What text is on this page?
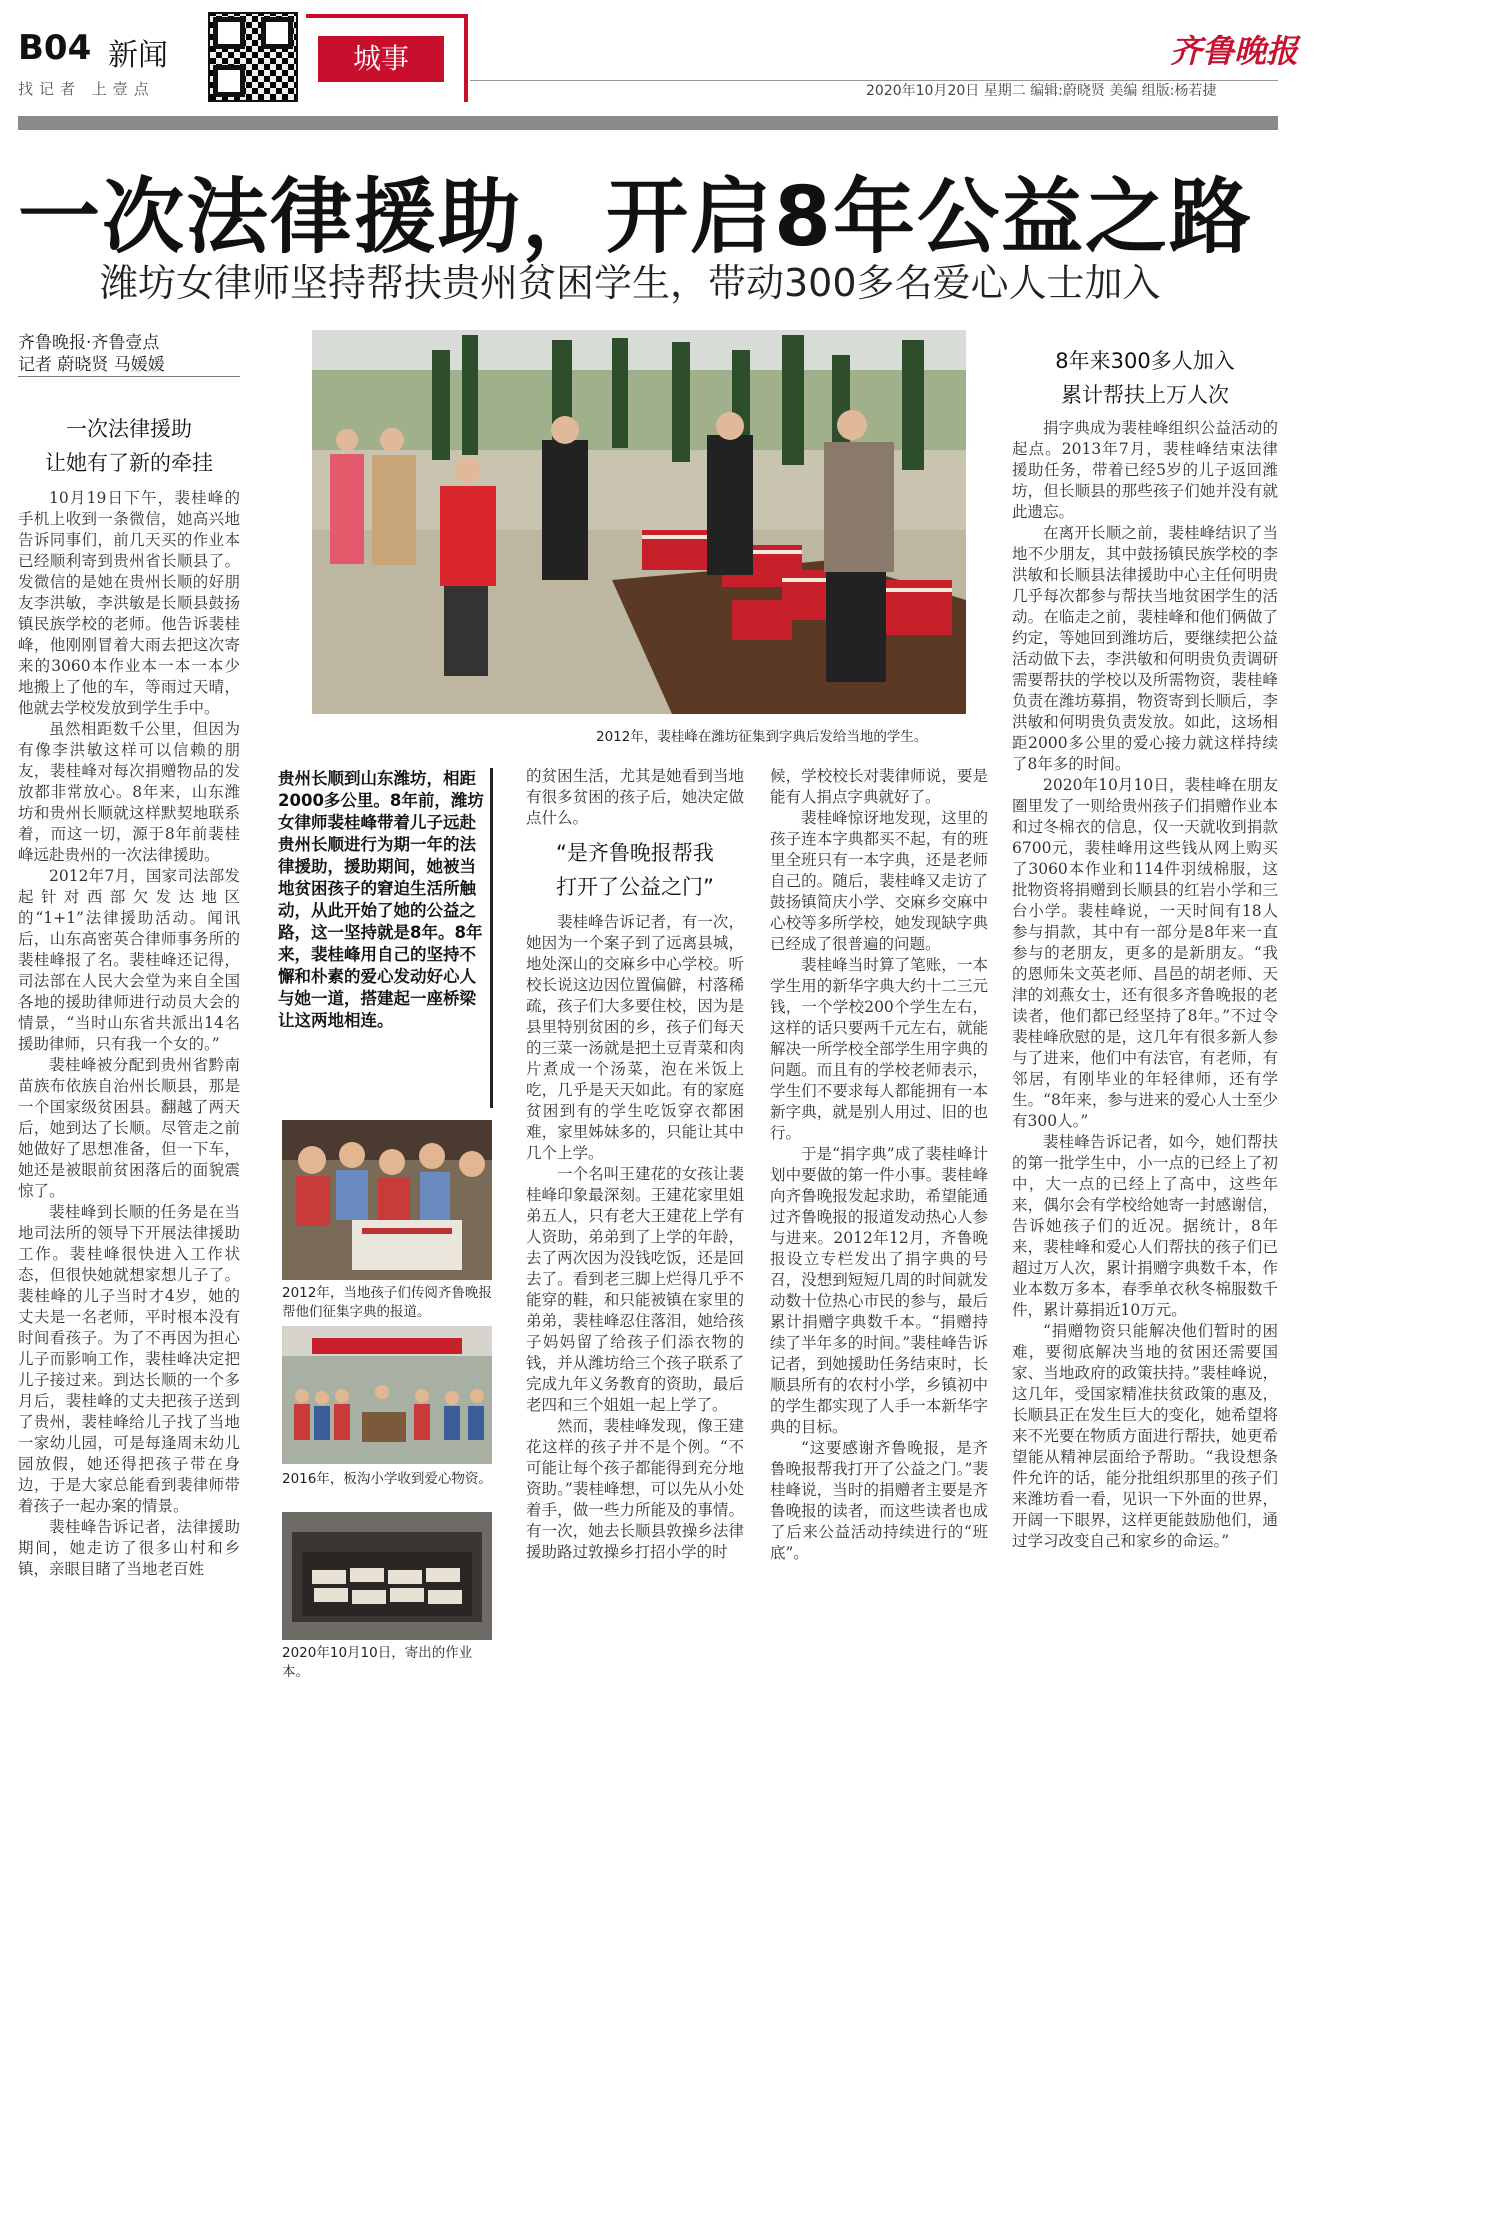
B04 新闻
找记者 上壹点
城事	齐鲁晚报
2020年10月20日 星期二 编辑:蔚晓贤 美编 组版:杨若捷
一次法律援助，开启8年公益之路
潍坊女律师坚持帮扶贵州贫困学生，带动300多名爱心人士加入
齐鲁晚报·齐鲁壹点
记者 蔚晓贤 马媛媛
一次法律援助
让她有了新的牵挂

10月19日下午，裴桂峰的手机上收到一条微信，她高兴地告诉同事们，前几天买的作业本已经顺利寄到贵州省长顺县了。发微信的是她在贵州长顺的好朋友李洪敏，李洪敏是长顺县鼓扬镇民族学校的老师。他告诉裴桂峰，他刚刚冒着大雨去把这次寄来的3060本作业本一本一本少地搬上了他的车，等雨过天晴，他就去学校发放到学生手中。

虽然相距数千公里，但因为有像李洪敏这样可以信赖的朋友，裴桂峰对每次捐赠物品的发放都非常放心。8年来，山东潍坊和贵州长顺就这样默契地联系着，而这一切，源于8年前裴桂峰远赴贵州的一次法律援助。

2012年7月，国家司法部发起针对西部欠发达地区的“1+1”法律援助活动。闻讯后，山东高密英合律师事务所的裴桂峰报了名。裴桂峰还记得，司法部在人民大会堂为来自全国各地的援助律师进行动员大会的情景，“当时山东省共派出14名援助律师，只有我一个女的。”

裴桂峰被分配到贵州省黔南苗族布依族自治州长顺县，那是一个国家级贫困县。翻越了两天后，她到达了长顺。尽管走之前她做好了思想准备，但一下车，她还是被眼前贫困落后的面貌震惊了。

裴桂峰到长顺的任务是在当地司法所的领导下开展法律援助工作。裴桂峰很快进入工作状态，但很快她就想家想儿子了。裴桂峰的儿子当时才4岁，她的丈夫是一名老师，平时根本没有时间看孩子。为了不再因为担心儿子而影响工作，裴桂峰决定把儿子接过来。到达长顺的一个多月后，裴桂峰的丈夫把孩子送到了贵州，裴桂峰给儿子找了当地一家幼儿园，可是每逢周末幼儿园放假，她还得把孩子带在身边，于是大家总能看到裴律师带着孩子一起办案的情景。

裴桂峰告诉记者，法律援助期间，她走访了很多山村和乡镇，亲眼目睹了当地老百姓

2012年，裴桂峰在潍坊征集到字典后发给当地的学生。
贵州长顺到山东潍坊，相距2000多公里。8年前，潍坊女律师裴桂峰带着儿子远赴贵州长顺进行为期一年的法律援助，援助期间，她被当地贫困孩子的窘迫生活所触动，从此开始了她的公益之路，这一坚持就是8年。8年来，裴桂峰用自己的坚持不懈和朴素的爱心发动好心人与她一道，搭建起一座桥梁让这两地相连。
2012年，当地孩子们传阅齐鲁晚报帮他们征集字典的报道。
2016年，板沟小学收到爱心物资。
2020年10月10日，寄出的作业本。

的贫困生活，尤其是她看到当地有很多贫困的孩子后，她决定做点什么。

“是齐鲁晚报帮我
打开了公益之门”

裴桂峰告诉记者，有一次，她因为一个案子到了远离县城，地处深山的交麻乡中心学校。听校长说这边因位置偏僻，村落稀疏，孩子们大多要住校，因为是县里特别贫困的乡，孩子们每天的三菜一汤就是把土豆青菜和肉片煮成一个汤菜，泡在米饭上吃，几乎是天天如此。有的家庭贫困到有的学生吃饭穿衣都困难，家里姊妹多的，只能让其中几个上学。

一个名叫王建花的女孩让裴桂峰印象最深刻。王建花家里姐弟五人，只有老大王建花上学有人资助，弟弟到了上学的年龄，去了两次因为没钱吃饭，还是回去了。看到老三脚上烂得几乎不能穿的鞋，和只能被镇在家里的弟弟，裴桂峰忍住落泪，她给孩子妈妈留了给孩子们添衣物的钱，并从潍坊给三个孩子联系了完成九年义务教育的资助，最后老四和三个姐姐一起上学了。

然而，裴桂峰发现，像王建花这样的孩子并不是个例。“不可能让每个孩子都能得到充分地资助。”裴桂峰想，可以先从小处着手，做一些力所能及的事情。有一次，她去长顺县敦操乡法律援助路过敦操乡打招小学的时

候，学校校长对裴律师说，要是能有人捐点字典就好了。

裴桂峰惊讶地发现，这里的孩子连本字典都买不起，有的班里全班只有一本字典，还是老师自己的。随后，裴桂峰又走访了鼓扬镇简庆小学、交麻乡交麻中心校等多所学校，她发现缺字典已经成了很普遍的问题。

裴桂峰当时算了笔账，一本学生用的新华字典大约十二三元钱，一个学校200个学生左右，这样的话只要两千元左右，就能解决一所学校全部学生用字典的问题。而且有的学校老师表示，学生们不要求每人都能拥有一本新字典，就是别人用过、旧的也行。

于是“捐字典”成了裴桂峰计划中要做的第一件小事。裴桂峰向齐鲁晚报发起求助，希望能通过齐鲁晚报的报道发动热心人参与进来。2012年12月，齐鲁晚报设立专栏发出了捐字典的号召，没想到短短几周的时间就发动数十位热心市民的参与，最后累计捐赠字典数千本。“捐赠持续了半年多的时间。”裴桂峰告诉记者，到她援助任务结束时，长顺县所有的农村小学，乡镇初中的学生都实现了人手一本新华字典的目标。

“这要感谢齐鲁晚报，是齐鲁晚报帮我打开了公益之门。”裴桂峰说，当时的捐赠者主要是齐鲁晚报的读者，而这些读者也成了后来公益活动持续进行的“班底”。

8年来300多人加入
累计帮扶上万人次

捐字典成为裴桂峰组织公益活动的起点。2013年7月，裴桂峰结束法律援助任务，带着已经5岁的儿子返回潍坊，但长顺县的那些孩子们她并没有就此遗忘。

在离开长顺之前，裴桂峰结识了当地不少朋友，其中鼓扬镇民族学校的李洪敏和长顺县法律援助中心主任何明贵几乎每次都参与帮扶当地贫困学生的活动。在临走之前，裴桂峰和他们俩做了约定，等她回到潍坊后，要继续把公益活动做下去，李洪敏和何明贵负责调研需要帮扶的学校以及所需物资，裴桂峰负责在潍坊募捐，物资寄到长顺后，李洪敏和何明贵负责发放。如此，这场相距2000多公里的爱心接力就这样持续了8年多的时间。

2020年10月10日，裴桂峰在朋友圈里发了一则给贵州孩子们捐赠作业本和过冬棉衣的信息，仅一天就收到捐款6700元，裴桂峰用这些钱从网上购买了3060本作业和114件羽绒棉服，这批物资将捐赠到长顺县的红岩小学和三台小学。裴桂峰说，一天时间有18人参与捐款，其中有一部分是8年来一直参与的老朋友，更多的是新朋友。“我的恩师朱文英老师、昌邑的胡老师、天津的刘燕女士，还有很多齐鲁晚报的老读者，他们都已经坚持了8年。”不过令裴桂峰欣慰的是，这几年有很多新人参与了进来，他们中有法官，有老师，有邻居，有刚毕业的年轻律师，还有学生。“8年来，参与进来的爱心人士至少有300人。”

裴桂峰告诉记者，如今，她们帮扶的第一批学生中，小一点的已经上了初中，大一点的已经上了高中，这些年来，偶尔会有学校给她寄一封感谢信，告诉她孩子们的近况。据统计，8年来，裴桂峰和爱心人们帮扶的孩子们已超过万人次，累计捐赠字典数千本，作业本数万多本，春季单衣秋冬棉服数千件，累计募捐近10万元。

“捐赠物资只能解决他们暂时的困难，要彻底解决当地的贫困还需要国家、当地政府的政策扶持。”裴桂峰说，这几年，受国家精准扶贫政策的惠及，长顺县正在发生巨大的变化，她希望将来不光要在物质方面进行帮扶，她更希望能从精神层面给予帮助。“我设想条件允许的话，能分批组织那里的孩子们来潍坊看一看，见识一下外面的世界，开阔一下眼界，这样更能鼓励他们，通过学习改变自己和家乡的命运。”
